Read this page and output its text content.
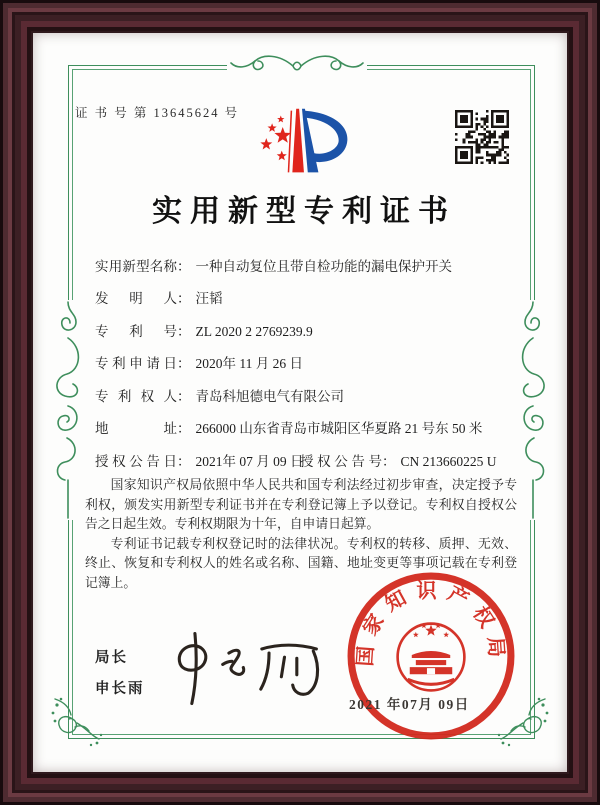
证 书 号 第 13645624 号
实用新型专利证书
实用新型名称： 一种自动复位且带自检功能的漏电保护开关
发明人： 汪韬
专利号： ZL 2020 2 2769239.9
专利申请日： 2020年 11 月 26 日
专利权人： 青岛科旭德电气有限公司
地址： 266000 山东省青岛市城阳区华夏路 21 号东 50 米
授权公告日： 2021年 07 月 09 日
授权公告号： CN 213660225 U

国家知识产权局依照中华人民共和国专利法经过初步审查，决定授予专利权，颁发实用新型专利证书并在专利登记簿上予以登记。专利权自授权公告之日起生效。专利权期限为十年，自申请日起算。

专利证书记载专利权登记时的法律状况。专利权的转移、质押、无效、终止、恢复和专利权人的姓名或名称、国籍、地址变更等事项记载在专利登记簿上。

局长
申长雨
国家知识产权局
2021 年07月 09日
